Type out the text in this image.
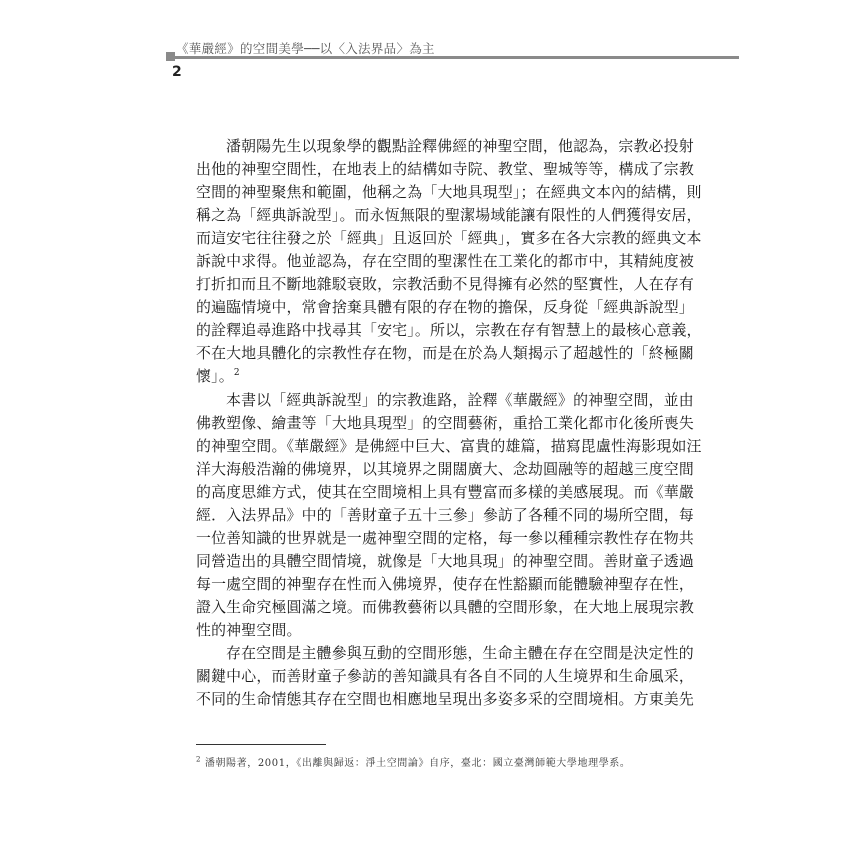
《華嚴經》的空間美學──以〈入法界品〉為主
2
潘朝陽先生以現象學的觀點詮釋佛經的神聖空間，他認為，宗教必投射
出他的神聖空間性，在地表上的結構如寺院、教堂、聖城等等，構成了宗教
空間的神聖聚焦和範圍，他稱之為「大地具現型」；在經典文本內的結構，則
稱之為「經典訴說型」。而永恆無限的聖潔場域能讓有限性的人們獲得安居，
而這安宅往往發之於「經典」且返回於「經典」，實多在各大宗教的經典文本
訴說中求得。他並認為，存在空間的聖潔性在工業化的都市中，其精純度被
打折扣而且不斷地雜駁衰敗，宗教活動不見得擁有必然的堅實性，人在存有
的遍臨情境中，常會捨棄具體有限的存在物的擔保，反身從「經典訴說型」
的詮釋追尋進路中找尋其「安宅」。所以，宗教在存有智慧上的最核心意義，
不在大地具體化的宗教性存在物，而是在於為人類揭示了超越性的「終極關
懷」。$^2$
本書以「經典訴說型」的宗教進路，詮釋《華嚴經》的神聖空間，並由
佛教塑像、繪畫等「大地具現型」的空間藝術，重拾工業化都市化後所喪失
的神聖空間。《華嚴經》是佛經中巨大、富貴的雄篇，描寫毘盧性海影現如汪
洋大海般浩瀚的佛境界，以其境界之開闊廣大、念劫圓融等的超越三度空間
的高度思維方式，使其在空間境相上具有豐富而多樣的美感展現。而《華嚴
經．入法界品》中的「善財童子五十三參」參訪了各種不同的場所空間，每
一位善知識的世界就是一處神聖空間的定格，每一參以種種宗教性存在物共
同營造出的具體空間情境，就像是「大地具現」的神聖空間。善財童子透過
每一處空間的神聖存在性而入佛境界，使存在性豁顯而能體驗神聖存在性，
證入生命究極圓滿之境。而佛教藝術以具體的空間形象，在大地上展現宗教
性的神聖空間。
存在空間是主體參與互動的空間形態，生命主體在存在空間是決定性的
關鍵中心，而善財童子參訪的善知識具有各自不同的人生境界和生命風采，
不同的生命情態其存在空間也相應地呈現出多姿多采的空間境相。方東美先
$^2$ 潘朝陽著，2001，《出離與歸返：淨土空間論》自序，臺北：國立臺灣師範大學地理學系。
